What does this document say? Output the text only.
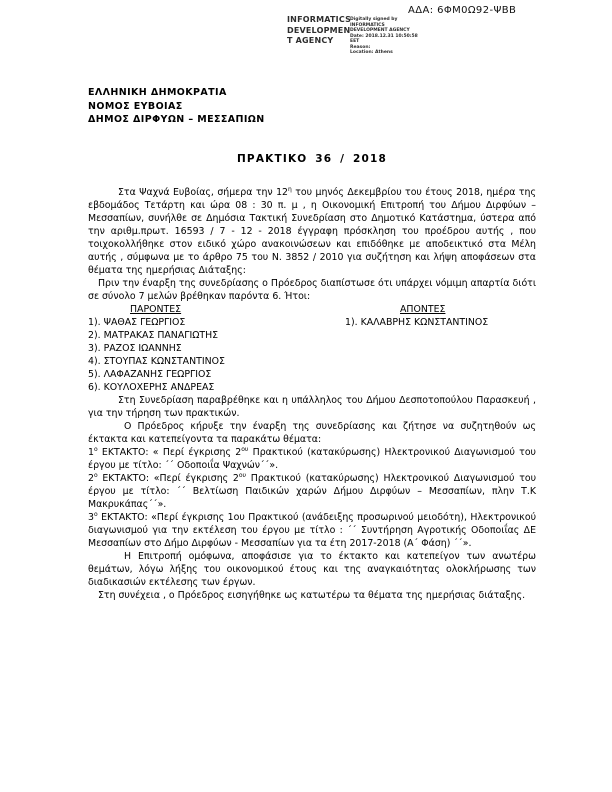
ΑΔΑ: 6ΦΜ0Ω92-ΨΒΒ
INFORMATICS
DEVELOPMEN
T AGENCY
Digitally signed by
INFORMATICS
DEVELOPMENT AGENCY
Date: 2018.12.31 10:50:58
EET
Reason:
Location: Athens
ΕΛΛΗΝΙΚΗ ΔΗΜΟΚΡΑΤΙΑ
ΝΟΜΟΣ ΕΥΒΟΙΑΣ
ΔΗΜΟΣ ΔΙΡΦΥΩΝ – ΜΕΣΣΑΠΙΩΝ
ΠΡΑΚΤΙΚΟ 36 / 2018

Στα Ψαχνά Ευβοίας, σήμερα την $12^\eta$ του μηνός Δεκεμβρίου του έτους 2018, ημέρα της εβδομάδος Τετάρτη και ώρα 08 : 30 π. μ , η Οικονομική Επιτροπή του Δήμου Διρφύων – Μεσσαπίων, συνήλθε σε Δημόσια Τακτική Συνεδρίαση στο Δημοτικό Κατάστημα, ύστερα από την αριθμ.πρωτ. 16593 / 7 - 12 - 2018 έγγραφη πρόσκληση του προέδρου αυτής , που τοιχοκολλήθηκε στον ειδικό χώρο ανακοινώσεων και επιδόθηκε με αποδεικτικό στα Μέλη αυτής , σύμφωνα με το άρθρο 75 του Ν. 3852 / 2010 για συζήτηση και λήψη αποφάσεων στα θέματα της ημερήσιας Διάταξης:

Πριν την έναρξη της συνεδρίασης ο Πρόεδρος διαπίστωσε ότι υπάρχει νόμιμη απαρτία διότι σε σύνολο 7 μελών βρέθηκαν παρόντα 6. Ήτοι:

ΠΑΡΟΝΤΕΣ
1). ΨΑΘΑΣ ΓΕΩΡΓΙΟΣ
2). ΜΑΤΡΑΚΑΣ ΠΑΝΑΓΙΩΤΗΣ
3). ΡΑΖΟΣ ΙΩΑΝΝΗΣ
4). ΣΤΟΥΠΑΣ ΚΩΝΣΤΑΝΤΙΝΟΣ
5). ΛΑΦΑΖΑΝΗΣ ΓΕΩΡΓΙΟΣ
6). ΚΟΥΛΟΧΕΡΗΣ ΑΝΔΡΕΑΣ
ΑΠΟΝΤΕΣ
1). ΚΑΛΑΒΡΗΣ ΚΩΝΣΤΑΝΤΙΝΟΣ

Στη Συνεδρίαση παραβρέθηκε και η υπάλληλος του Δήμου Δεσποτοπούλου Παρασκευή , για την τήρηση των πρακτικών.

Ο Πρόεδρος κήρυξε την έναρξη της συνεδρίασης και ζήτησε να συζητηθούν ως έκτακτα και κατεπείγοντα τα παρακάτω θέματα:

$1^o$ ΕΚΤΑΚΤΟ: « Περί έγκρισης $2^{o\upsilon}$ Πρακτικού (κατακύρωσης) Ηλεκτρονικού Διαγωνισμού του έργου με τίτλο: ΄΄ Οδοποιΐα Ψαχνών΄΄».

$2^o$ ΕΚΤΑΚΤΟ: «Περί έγκρισης $2^{o\upsilon}$ Πρακτικού (κατακύρωσης) Ηλεκτρονικού Διαγωνισμού του έργου με τίτλο: ΄΄ Βελτίωση Παιδικών χαρών Δήμου Διρφύων – Μεσσαπίων, πλην Τ.Κ Μακρυκάπας΄΄».

$3^o$ ΕΚΤΑΚΤΟ: «Περί έγκρισης 1ου Πρακτικού (ανάδειξης προσωρινού μειοδότη), Ηλεκτρονικού διαγωνισμού για την εκτέλεση του έργου με τίτλο : ΄΄ Συντήρηση Αγροτικής Οδοποιΐας ΔΕ Μεσσαπίων στο Δήμο Διρφύων - Μεσσαπίων για τα έτη 2017-2018 (Α΄ Φάση) ΄΄».

Η Επιτροπή ομόφωνα, αποφάσισε για το έκτακτο και κατεπείγον των ανωτέρω θεμάτων, λόγω λήξης του οικονομικού έτους και της αναγκαιότητας ολοκλήρωσης των διαδικασιών εκτέλεσης των έργων.

Στη συνέχεια , ο Πρόεδρος εισηγήθηκε ως κατωτέρω τα θέματα της ημερήσιας διάταξης.
